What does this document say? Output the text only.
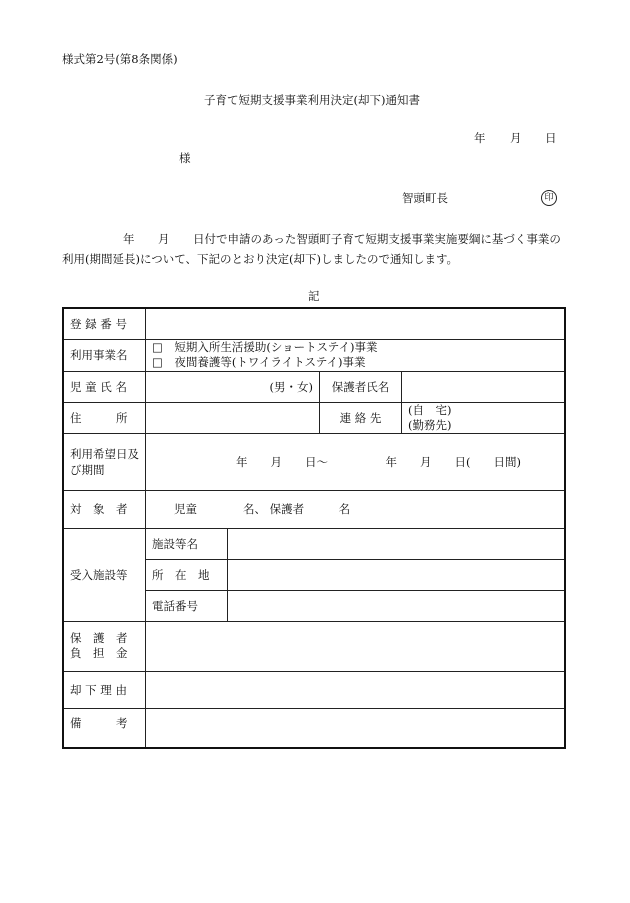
様式第2号(第8条関係)
子育て短期支援事業利用決定(却下)通知書
年 月 日
様
智頭町長	印
年 月 日付で申請のあった智頭町子育て短期支援事業実施要綱に基づく事業の
利用(期間延長)について、下記のとおり決定(却下)しましたので通知します。
記
登 録 番 号				
利用事業名	□　短期入所生活援助(ショートステイ)事業
□　夜間養護等(トワイライトステイ)事業			

児 童 氏 名	(男・女)		保護者氏名	
住　　　所			連 絡 先	(自　宅)
(勤務先)

利用希望日及び期間	年　　月　　日～　　　　　年　　月　　日(　　日間)			
対　象　者	児童　　　　名、 保護者　　　名			
受入施設等	施設等名			
	所　在　地			
	電話番号			

保　護　者
負　担　金				

却 下 理 由				
備　　　考				
